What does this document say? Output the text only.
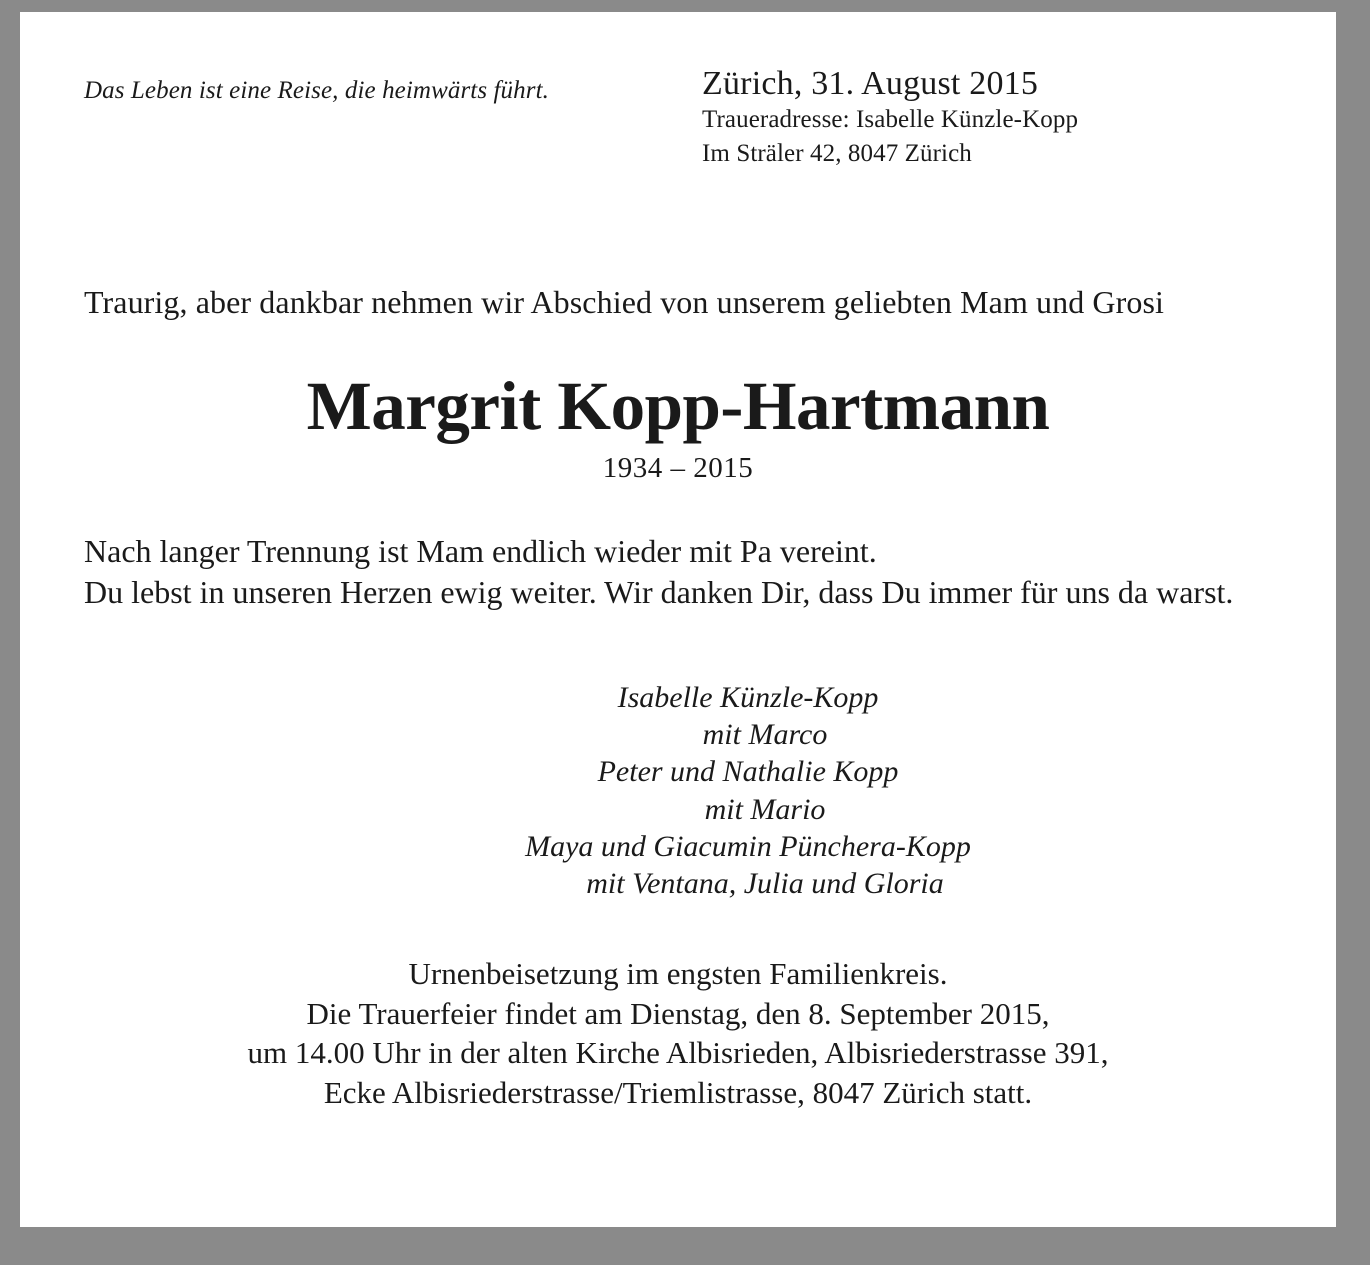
Das Leben ist eine Reise, die heimwärts führt.	Zürich, 31. August 2015
Traueradresse: Isabelle Künzle-Kopp
Im Sträler 42, 8047 Zürich
Traurig, aber dankbar nehmen wir Abschied von unserem geliebten Mam und Grosi
Margrit Kopp-Hartmann
1934 – 2015
Nach langer Trennung ist Mam endlich wieder mit Pa vereint.
Du lebst in unseren Herzen ewig weiter. Wir danken Dir, dass Du immer für uns da warst.
Isabelle Künzle-Kopp
mit Marco
Peter und Nathalie Kopp
mit Mario
Maya und Giacumin Pünchera-Kopp
mit Ventana, Julia und Gloria
Urnenbeisetzung im engsten Familienkreis.
Die Trauerfeier findet am Dienstag, den 8. September 2015,
um 14.00 Uhr in der alten Kirche Albisrieden, Albisriederstrasse 391,
Ecke Albisriederstrasse/Triemlistrasse, 8047 Zürich statt.
